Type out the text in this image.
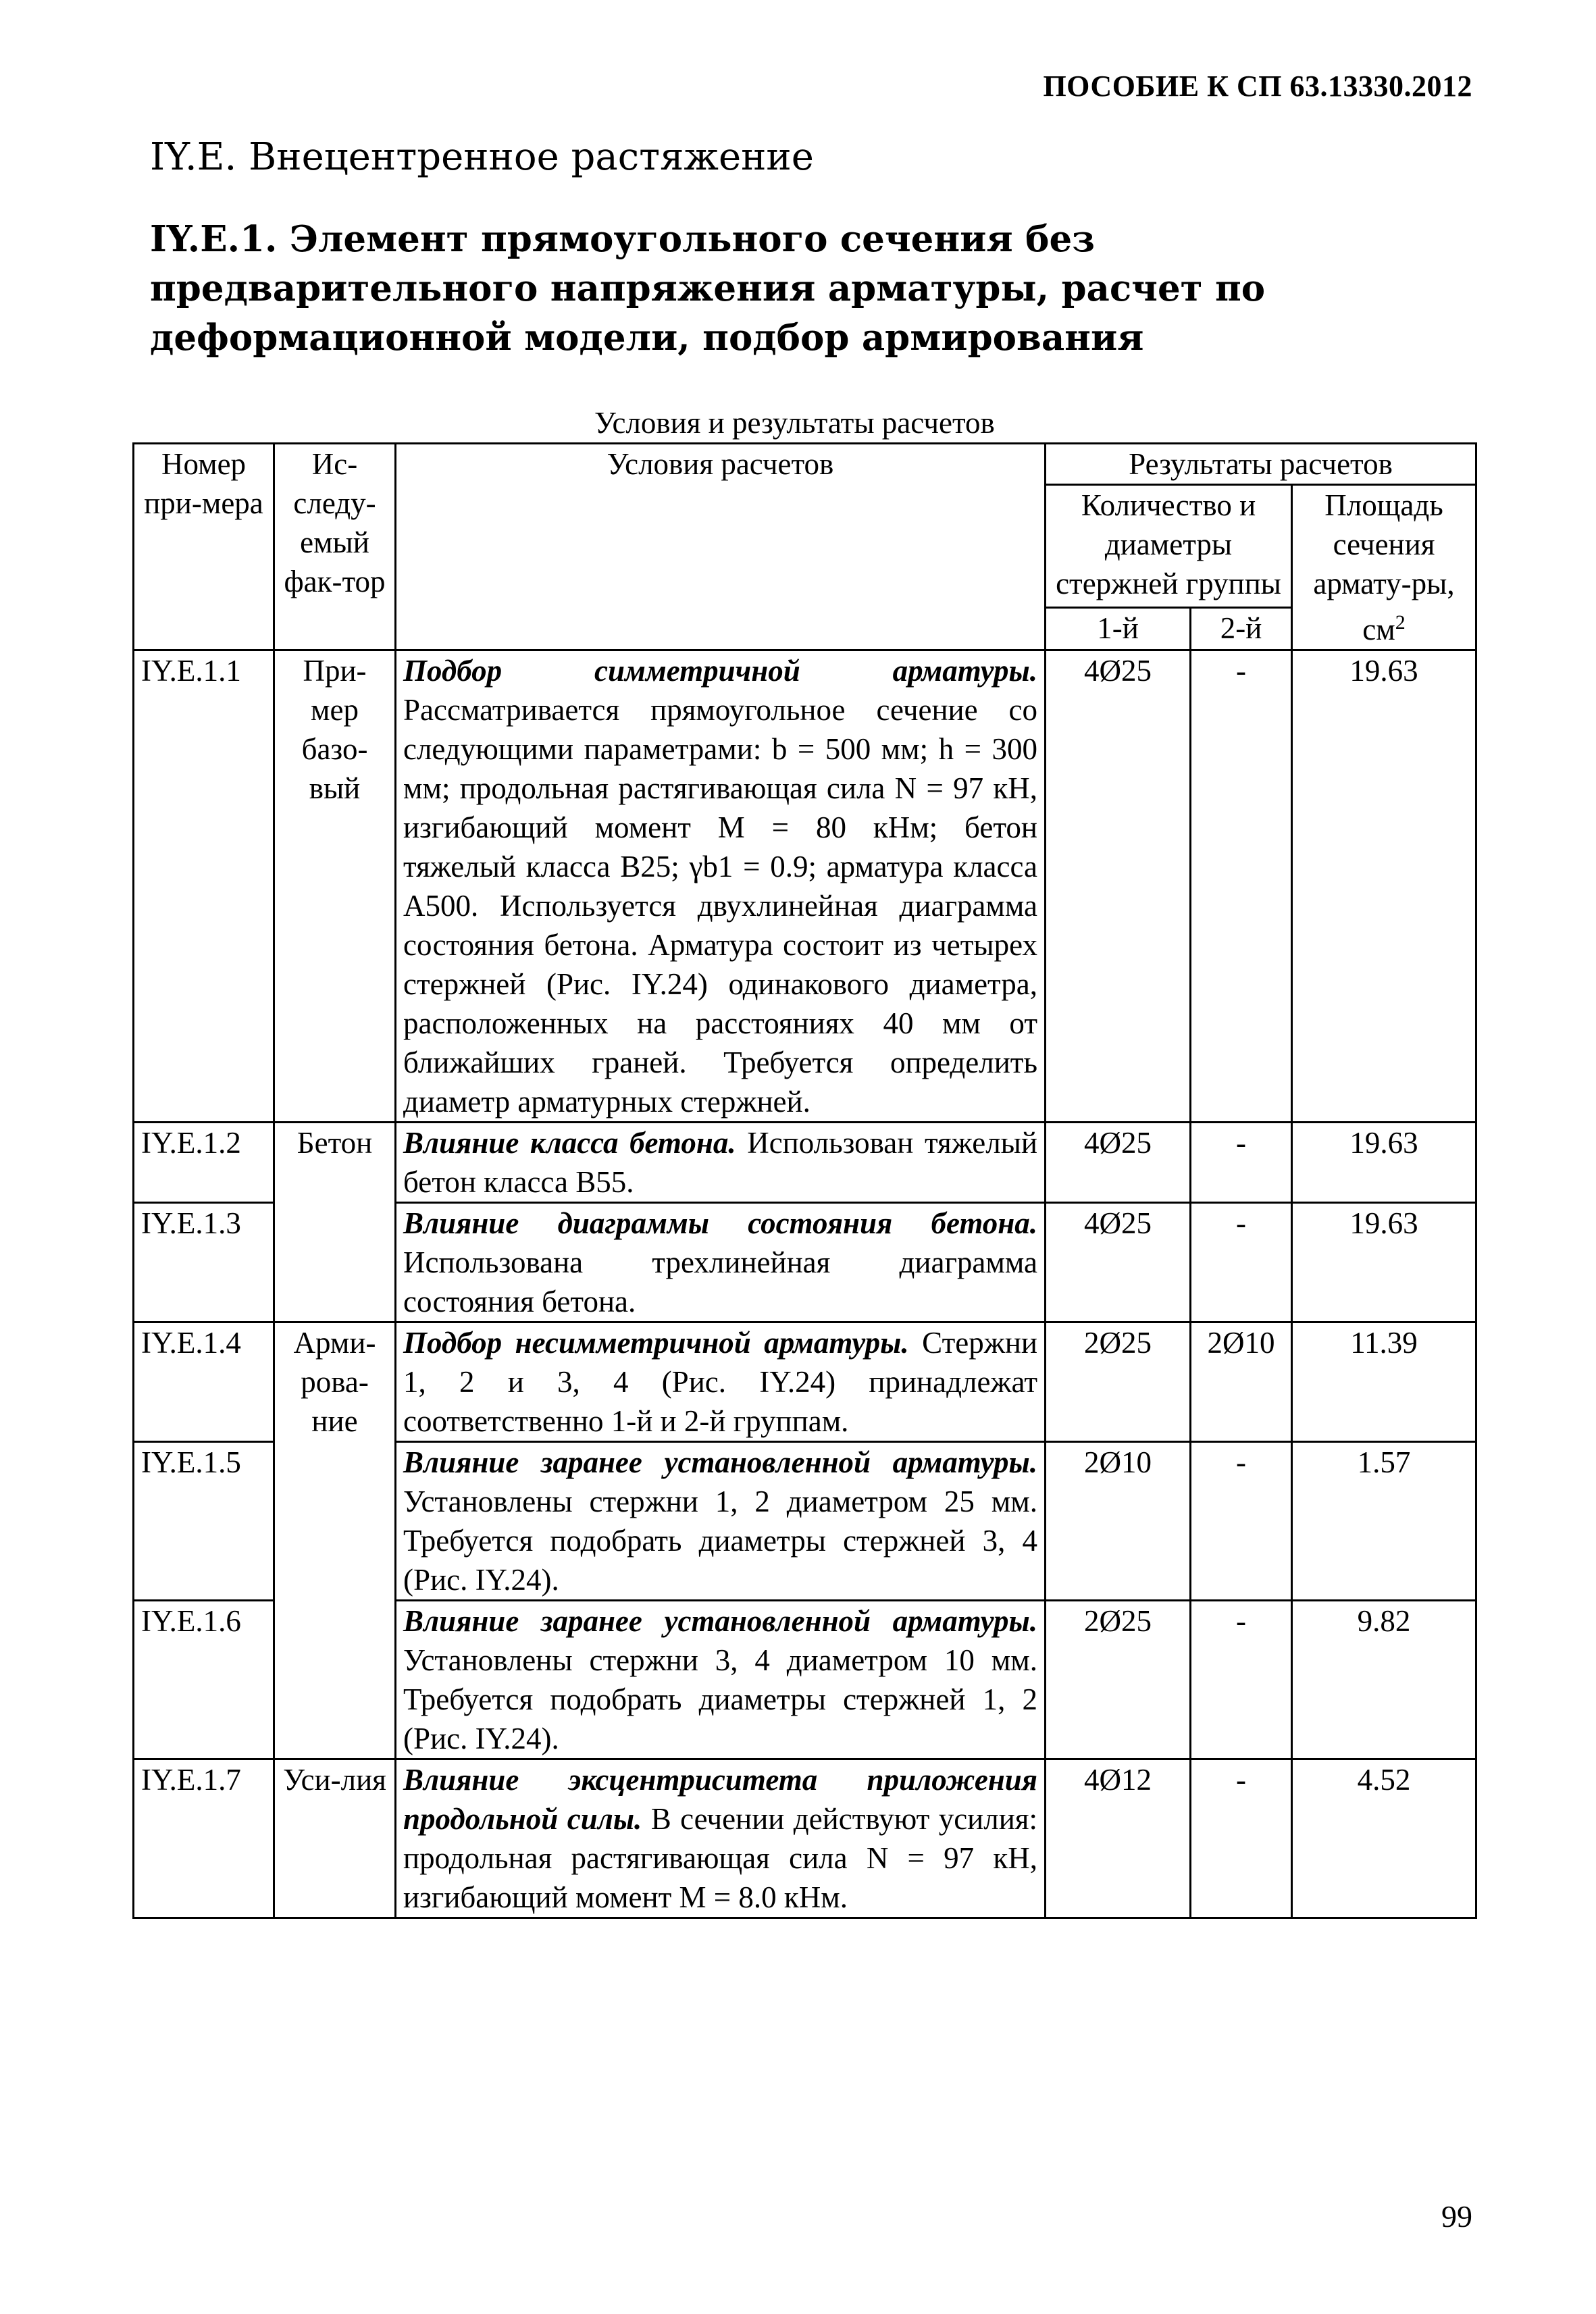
ПОСОБИЕ К СП 63.13330.2012
IY.E. Внецентренное растяжение
IY.E.1. Элемент прямоугольного сечения без предварительного напряжения арматуры, расчет по деформационной модели, подбор армирования
Условия и результаты расчетов
Номер при-мера	Ис-следу-емый фак-тор	Условия расчетов	Результаты расчетов		
			Количество и диаметры стержней группы		Площадь сечения армату-ры, $см^2$
			1-й	2-й	
IY.E.1.1	При-мер базо-вый	Подбор симметричной арматуры. Рассматривается прямоугольное сечение со следующими параметрами: b = 500 мм; h = 300 мм; продольная растягивающая сила N = 97 кН, изгибающий момент M = 80 кНм; бетон тяжелый класса B25; γb1 = 0.9; арматура класса A500. Используется двухлинейная диаграмма состояния бетона. Арматура состоит из четырех стержней (Рис. IY.24) одинакового диаметра, расположенных на расстояниях 40 мм от ближайших граней. Требуется определить диаметр арматурных стержней.	4Ø25	-	19.63
IY.E.1.2	Бетон	Влияние класса бетона. Использован тяжелый бетон класса B55.	4Ø25	-	19.63
IY.E.1.3		Влияние диаграммы состояния бетона. Использована трехлинейная диаграмма состояния бетона.	4Ø25	-	19.63
IY.E.1.4	Арми-рова-ние	Подбор несимметричной арматуры. Стержни 1, 2 и 3, 4 (Рис. IY.24) принадлежат соответственно 1-й и 2-й группам.	2Ø25	2Ø10	11.39
IY.E.1.5		Влияние заранее установленной арматуры. Установлены стержни 1, 2 диаметром 25 мм. Требуется подобрать диаметры стержней 3, 4 (Рис. IY.24).	2Ø10	-	1.57
IY.E.1.6		Влияние заранее установленной арматуры. Установлены стержни 3, 4 диаметром 10 мм. Требуется подобрать диаметры стержней 1, 2 (Рис. IY.24).	2Ø25	-	9.82
IY.E.1.7	Уси-лия	Влияние эксцентриситета приложения продольной силы. В сечении действуют усилия: продольная растягивающая сила N = 97 кН, изгибающий момент M = 8.0 кНм.	4Ø12	-	4.52
99
